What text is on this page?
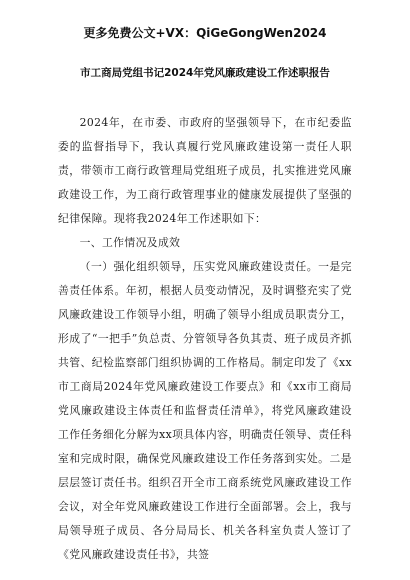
更多免费公文+VX：QiGeGongWen2024
市工商局党组书记2024年党风廉政建设工作述职报告

2024年，在市委、市政府的坚强领导下，在市纪委监委的监督指导下，我认真履行党风廉政建设第一责任人职责，带领市工商行政管理局党组班子成员，扎实推进党风廉政建设工作，为工商行政管理事业的健康发展提供了坚强的纪律保障。现将我2024年工作述职如下：

一、工作情况及成效

（一）强化组织领导，压实党风廉政建设责任。一是完善责任体系。年初，根据人员变动情况，及时调整充实了党风廉政建设工作领导小组，明确了领导小组成员职责分工，形成了“一把手”负总责、分管领导各负其责、班子成员齐抓共管、纪检监察部门组织协调的工作格局。制定印发了《xx市工商局2024年党风廉政建设工作要点》和《xx市工商局党风廉政建设主体责任和监督责任清单》，将党风廉政建设工作任务细化分解为xx项具体内容，明确责任领导、责任科室和完成时限，确保党风廉政建设工作任务落到实处。二是层层签订责任书。组织召开全市工商系统党风廉政建设工作会议，对全年党风廉政建设工作进行全面部署。会上，我与局领导班子成员、各分局局长、机关各科室负责人签订了《党风廉政建设责任书》，共签
